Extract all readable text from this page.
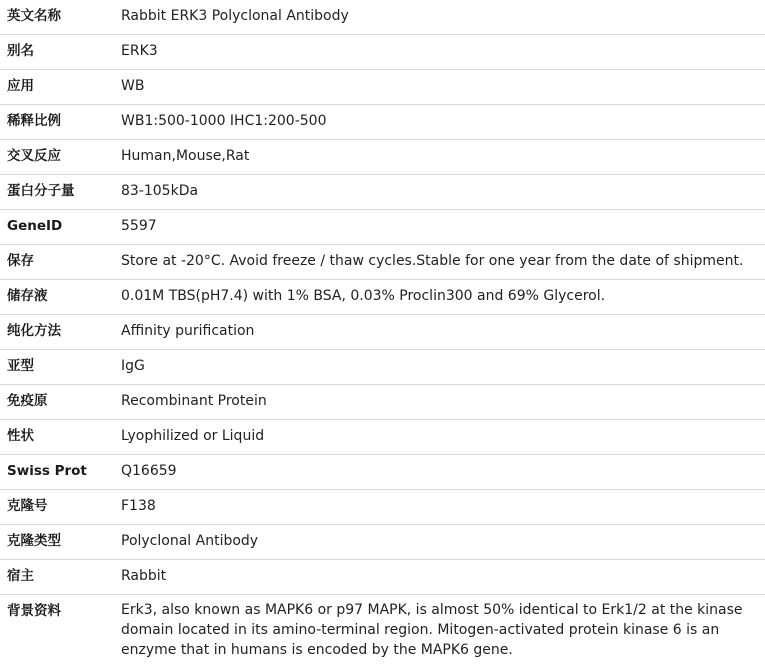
英文名称	Rabbit ERK3 Polyclonal Antibody
别名	ERK3
应用	WB
稀释比例	WB1:500-1000 IHC1:200-500
交叉反应	Human,Mouse,Rat
蛋白分子量	83-105kDa
GeneID	5597
保存	Store at -20°C. Avoid freeze / thaw cycles.Stable for one year from the date of shipment.
储存液	0.01M TBS(pH7.4) with 1% BSA, 0.03% Proclin300 and 69% Glycerol.
纯化方法	Affinity purification
亚型	IgG
免疫原	Recombinant Protein
性状	Lyophilized or Liquid
Swiss Prot	Q16659
克隆号	F138
克隆类型	Polyclonal Antibody
宿主	Rabbit
背景资料	Erk3, also known as MAPK6 or p97 MAPK, is almost 50% identical to Erk1/2 at the kinase domain located in its amino-terminal region. Mitogen-activated protein kinase 6 is an enzyme that in humans is encoded by the MAPK6 gene.
